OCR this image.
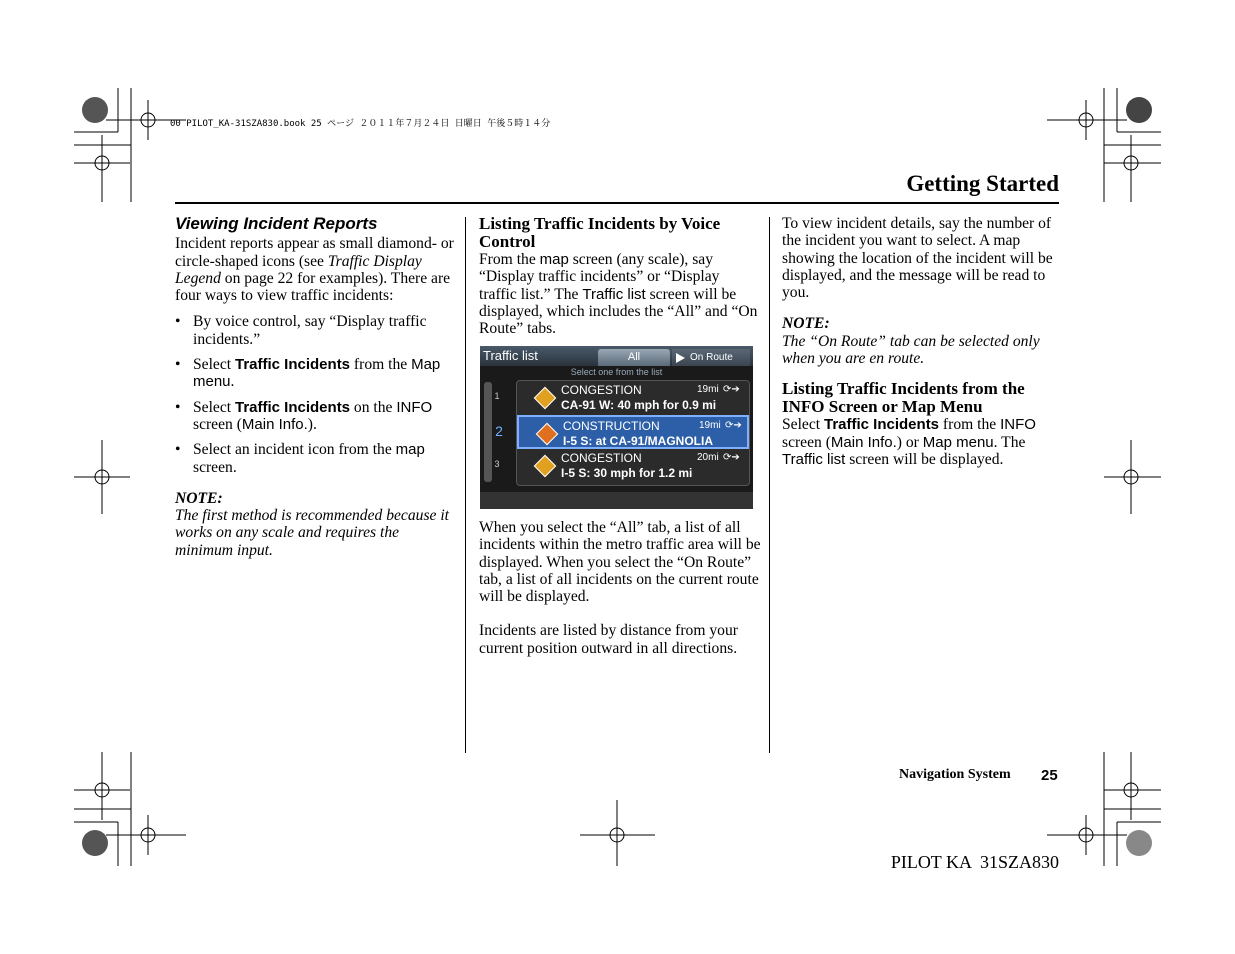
00 PILOT_KA-31SZA830.book 25 ページ ２０１１年７月２４日 日曜日 午後５時１４分
Getting Started
Viewing Incident Reports

Incident reports appear as small diamond- or circle-shaped icons (see Traffic Display Legend on page 22 for examples). There are four ways to view traffic incidents:

• By voice control, say “Display traffic incidents.”
• Select Traffic Incidents from the Map menu.
• Select Traffic Incidents on the INFO screen (Main Info.).
• Select an incident icon from the map screen.

NOTE:

The first method is recommended because it works on any scale and requires the minimum input.

Listing Traffic Incidents by Voice Control

From the map screen (any scale), say “Display traffic incidents” or “Display traffic list.” The Traffic list screen will be displayed, which includes the “All” and “On Route” tabs.

Traffic list	All	On Route
Select one from the list
1	CONGESTION	19mi ⟳➔
CA-91 W: 40 mph for 0.9 mi
2	CONSTRUCTION	19mi ⟳➔
I-5 S: at CA-91/MAGNOLIA
3	CONGESTION	20mi ⟳➔
I-5 S: 30 mph for 1.2 mi

When you select the “All” tab, a list of all incidents within the metro traffic area will be displayed. When you select the “On Route” tab, a list of all incidents on the current route will be displayed.

Incidents are listed by distance from your current position outward in all directions.

To view incident details, say the number of the incident you want to select. A map showing the location of the incident will be displayed, and the message will be read to you.

NOTE:

The “On Route” tab can be selected only when you are en route.

Listing Traffic Incidents from the INFO Screen or Map Menu

Select Traffic Incidents from the INFO screen (Main Info.) or Map menu. The Traffic list screen will be displayed.

Navigation System 25
PILOT KA  31SZA830
